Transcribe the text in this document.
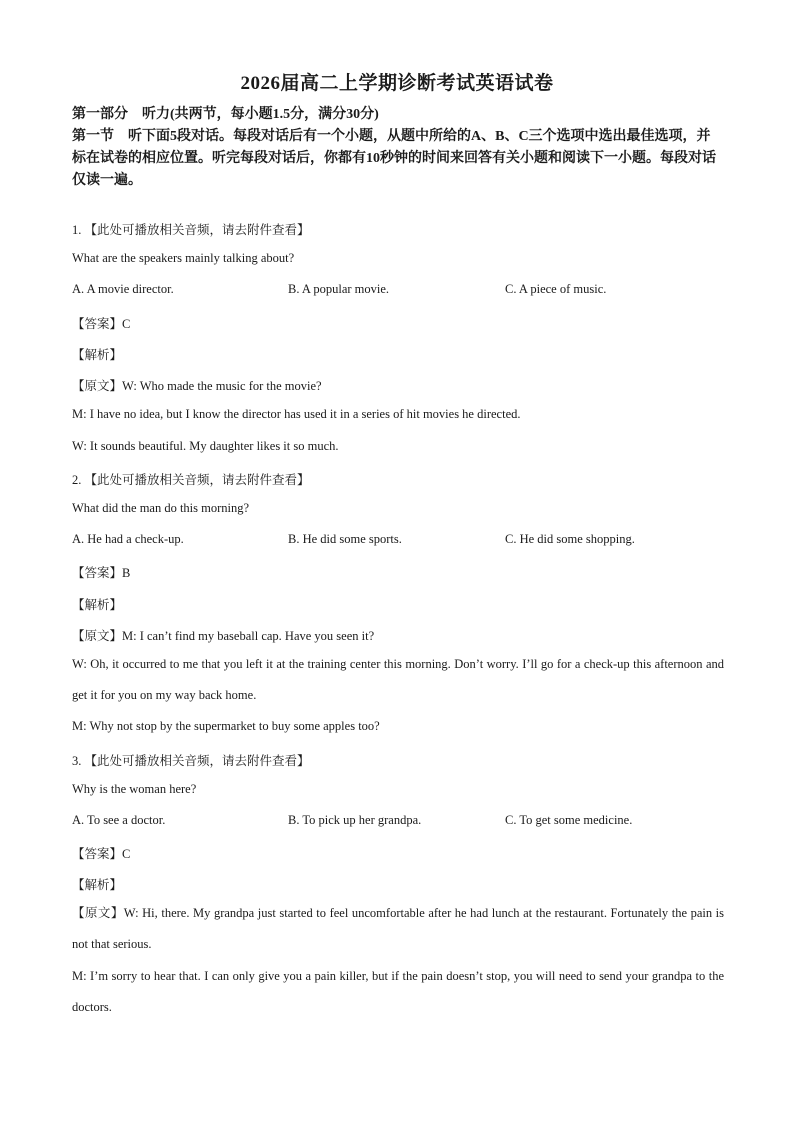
2026届高二上学期诊断考试英语试卷
第一部分　听力(共两节，每小题1.5分，满分30分)
第一节　听下面5段对话。每段对话后有一个小题，从题中所给的A、B、C三个选项中选出最佳选项，并标在试卷的相应位置。听完每段对话后，你都有10秒钟的时间来回答有关小题和阅读下一小题。每段对话仅读一遍。
1. 【此处可播放相关音频，请去附件查看】
What are the speakers mainly talking about?
A. A movie director.	B. A popular movie.	C. A piece of music.
【答案】C
【解析】
【原文】W: Who made the music for the movie?
M: I have no idea, but I know the director has used it in a series of hit movies he directed.
W: It sounds beautiful. My daughter likes it so much.
2. 【此处可播放相关音频，请去附件查看】
What did the man do this morning?
A. He had a check-up.	B. He did some sports.	C. He did some shopping.
【答案】B
【解析】
【原文】M: I can’t find my baseball cap. Have you seen it?
W: Oh, it occurred to me that you left it at the training center this morning. Don’t worry. I’ll go for a check-up this afternoon and get it for you on my way back home.
M: Why not stop by the supermarket to buy some apples too?
3. 【此处可播放相关音频，请去附件查看】
Why is the woman here?
A. To see a doctor.	B. To pick up her grandpa.	C. To get some medicine.
【答案】C
【解析】
【原文】W: Hi, there. My grandpa just started to feel uncomfortable after he had lunch at the restaurant. Fortunately the pain is not that serious.
M: I’m sorry to hear that. I can only give you a pain killer, but if the pain doesn’t stop, you will need to send your grandpa to the doctors.
